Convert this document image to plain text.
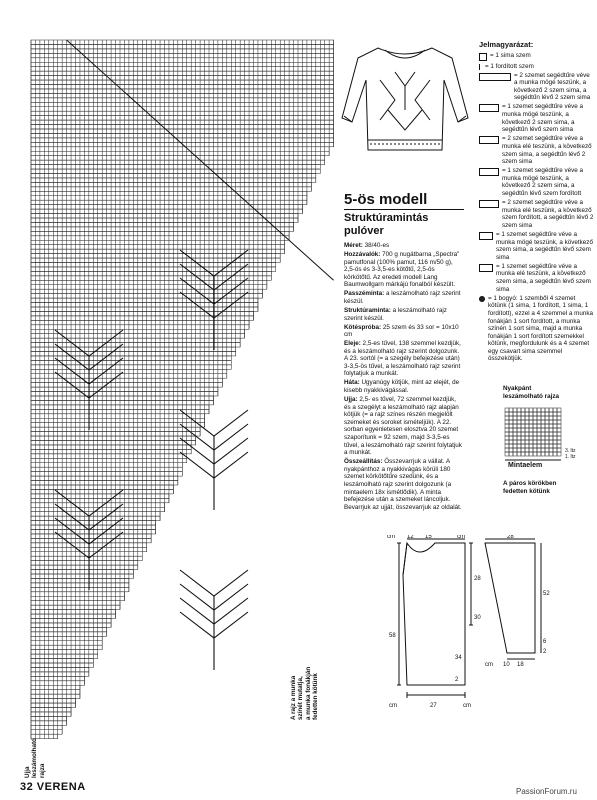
Jelmagyarázat:
= 1 sima szem
= 1 fordított szem
= 2 szemet segédtűre véve a munka mögé teszünk, a következő 2 szem sima, a segédtűn lévő 2 szem sima
= 1 szemet segédtűre véve a munka mögé teszünk, a következő 2 szem sima, a segédtűn lévő szem sima
= 2 szemet segédtűre véve a munka elé teszünk, a következő szem sima, a segédtűn lévő 2 szem sima
= 1 szemet segédtűre véve a munka mögé teszünk, a következő 2 szem sima, a segédtűn lévő szem fordított
= 2 szemet segédtűre véve a munka elé teszünk, a következő szem fordított, a segédtűn lévő 2 szem sima
= 1 szemet segédtűre véve a munka mögé teszünk, a következő szem sima, a segédtűn lévő szem sima
= 1 szemet segédtűre véve a munka elé teszünk, a következő szem sima, a segédtűn lévő szem sima
= 1 bogyó: 1 szemből 4 szemet kötünk (1 sima, 1 fordított, 1 sima, 1 fordított), ezzel a 4 szemmel a munka fonákján 1 sort fordított, a munka színén 1 sort sima, majd a munka fonákján 1 sort fordított szemekkel kötünk, megfordulunk és a 4 szemet egy csavart sima szemmel összekötjük.
5-ös modell
Struktúramintás
pulóver

Méret: 38/40-es

Hozzávalók: 700 g nugátbarna „Spectra" pamutfonal (100% pamut, 116 m/50 g), 2,5-ös és 3-3,5-es kötőtű, 2,5-ös körkötőtű. Az eredeti modell Lang Baumwollgarn márkájú fonalból készült.

Passzéminta: a leszámolható rajz szerint készül.

Struktúraminta: a leszámolható rajz szerint készül.

Kötéspróba: 25 szem és 33 sor = 10x10 cm

Eleje: 2,5-es tűvel, 138 szemmel kezdjük, és a leszámolható rajz szerint dolgozunk. A 23. sortól (= a szegély befejezése után) 3-3,5-ös tűvel, a leszámolható rajz szerint folytatjuk a munkát.

Háta: Ugyanúgy kötjük, mint az elejét, de kisebb nyakkivágással.

Ujja: 2,5- es tűvel, 72 szemmel kezdjük, és a szegélyt a leszámolható rajz alapján kötjük (= a rajz színes részén megjelölt szemeket és soroket ismételjük). A 22. sorban egyenletesen elosztva 20 szemet szaporítunk = 92 szem, majd 3-3,5-es tűvel, a leszámolható rajz szerint folytatjuk a munkát.

Összeállítás: Összevarrjuk a vállat. A nyakpánthoz a nyakkivágás körüli 180 szemet körkötőtűre szedünk, és a leszámolható rajz szerint dolgozunk (a mintaelem 18x ismétlődik). A minta befejezése után a szemeket láncoljuk. Bevarrjuk az ujját, összevarrjuk az oldalát.

Nyakpánt
leszámolható rajza
3. ltz
1. ltz
Mintaelem
A páros körökben
fedetten kötünk
12 15	cm	28
cm
28
30
58
34
2
cm	27	cm
cm 10 18
52
6
2
A rajz a munka színét mutatja, a munka fonákján fedetten kötünk
Ujja leszámolható rajza
32 VERENA	PassionForum.ru
